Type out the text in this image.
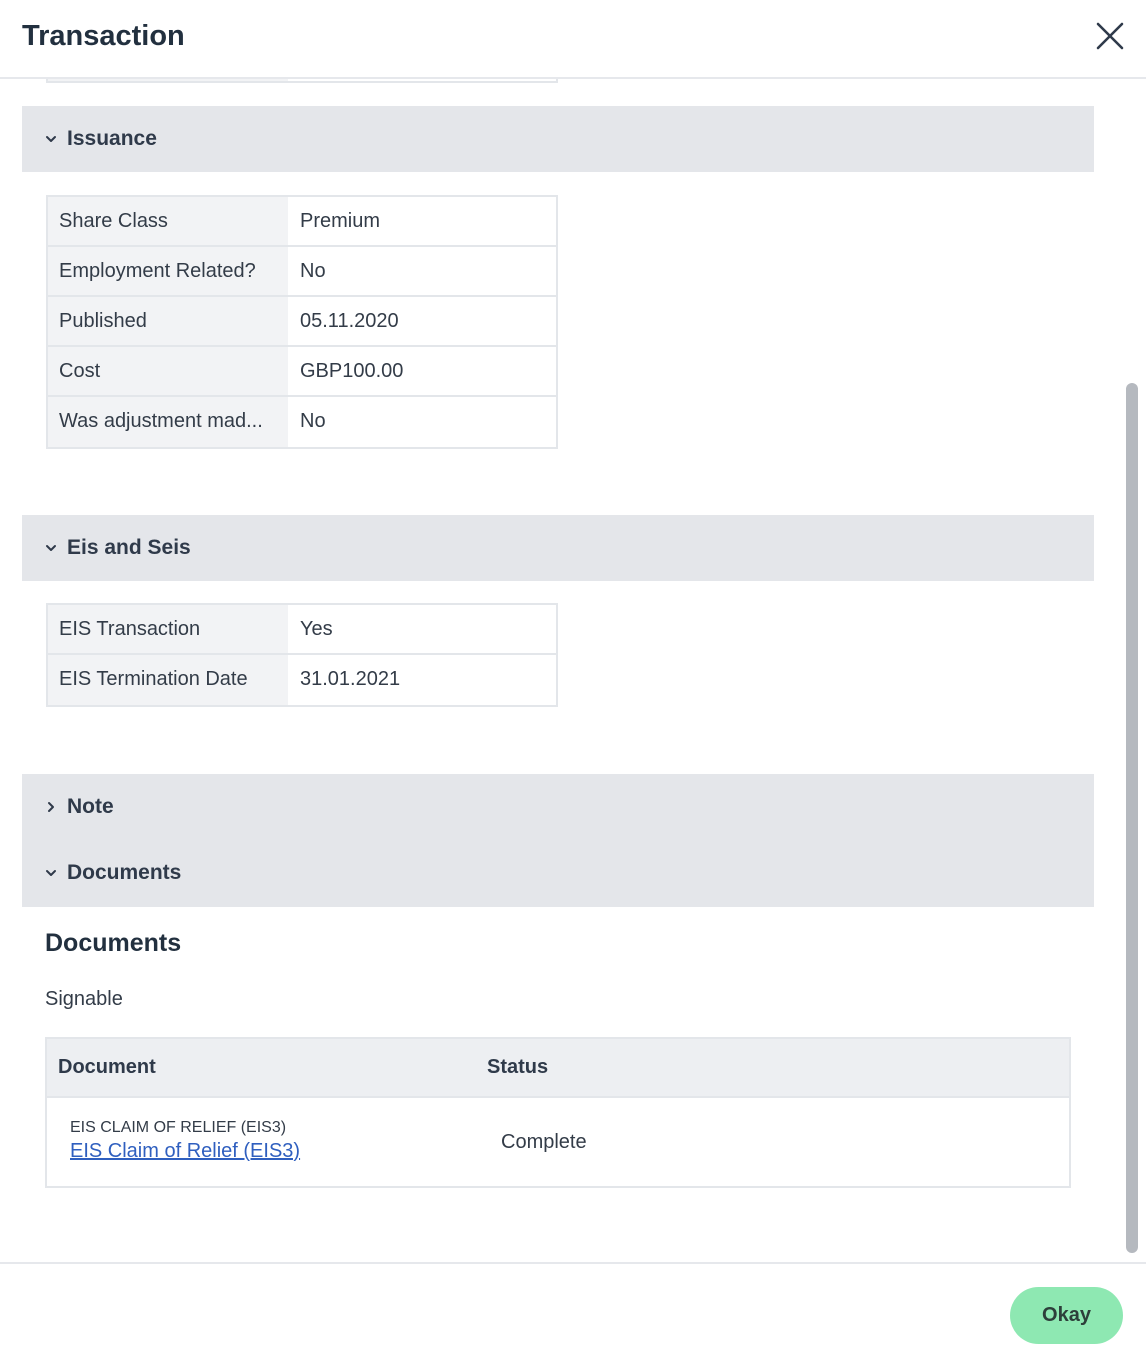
Transaction
Issuance
Share Class	Premium
Employment Related?	No
Published	05.11.2020
Cost	GBP100.00
Was adjustment mad...	No
Eis and Seis
EIS Transaction	Yes
EIS Termination Date	31.01.2021
Note
Documents
Documents
Signable
Document	Status
EIS CLAIM OF RELIEF (EIS3)
EIS Claim of Relief (EIS3)	Complete
Okay
